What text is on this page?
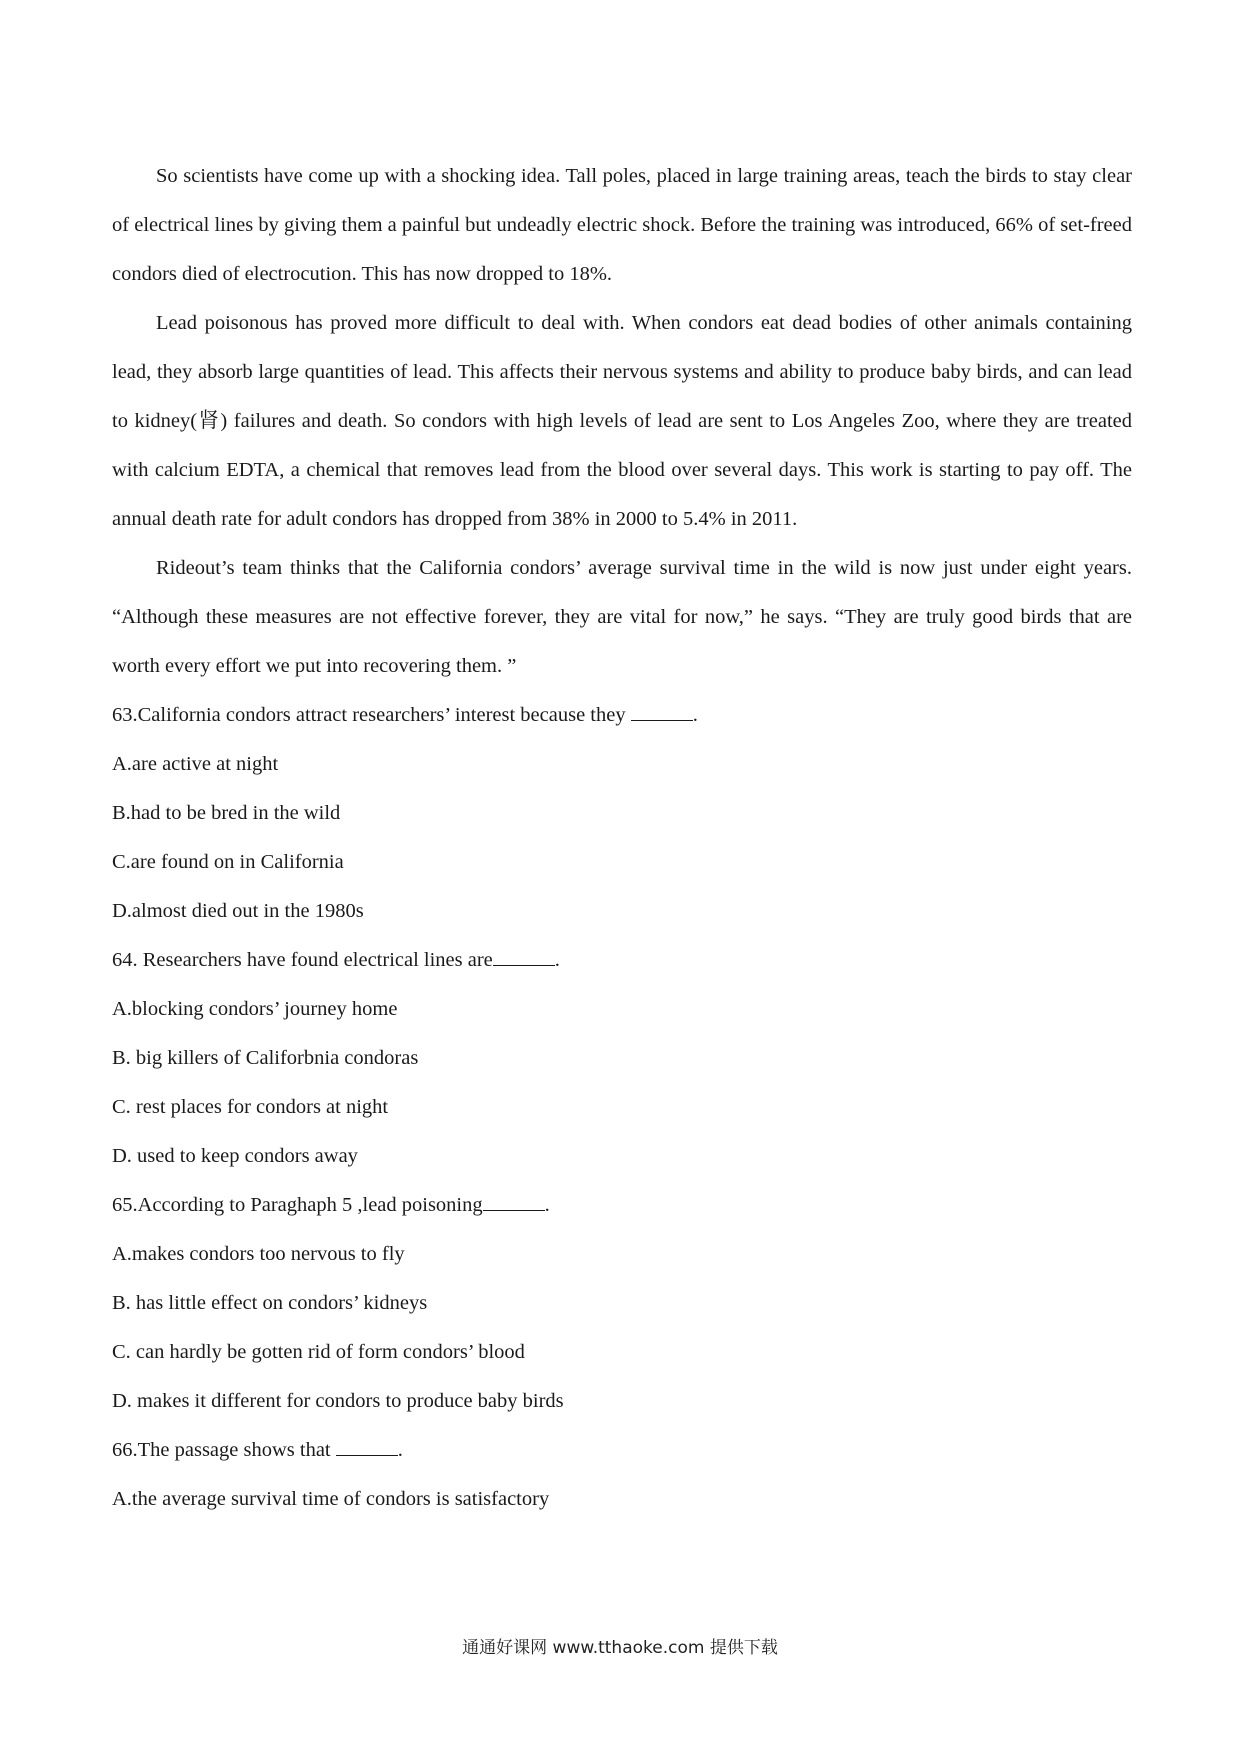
So scientists have come up with a shocking idea. Tall poles, placed in large training areas, teach the birds to stay clear of electrical lines by giving them a painful but undeadly electric shock. Before the training was introduced, 66% of set-freed condors died of electrocution. This has now dropped to 18%.

Lead poisonous has proved more difficult to deal with. When condors eat dead bodies of other animals containing lead, they absorb large quantities of lead. This affects their nervous systems and ability to produce baby birds, and can lead to kidney(肾) failures and death. So condors with high levels of lead are sent to Los Angeles Zoo, where they are treated with calcium EDTA, a chemical that removes lead from the blood over several days. This work is starting to pay off. The annual death rate for adult condors has dropped from 38% in 2000 to 5.4% in 2011.

Rideout’s team thinks that the California condors’ average survival time in the wild is now just under eight years. “Although these measures are not effective forever, they are vital for now,” he says. “They are truly good birds that are worth every effort we put into recovering them. ”

63.California condors attract researchers’ interest because they	.

A.are active at night

B.had to be bred in the wild

C.are found on in California

D.almost died out in the 1980s

64. Researchers have found electrical lines are	.

A.blocking condors’ journey home

B. big killers of Califorbnia condoras

C. rest places for condors at night

D. used to keep condors away

65.According to Paraghaph 5 ,lead poisoning	.

A.makes condors too nervous to fly

B. has little effect on condors’ kidneys

C. can hardly be gotten rid of form condors’ blood

D. makes it different for condors to produce baby birds

66.The passage shows that	.

A.the average survival time of condors is satisfactory

通通好课网 www.tthaoke.com 提供下载
